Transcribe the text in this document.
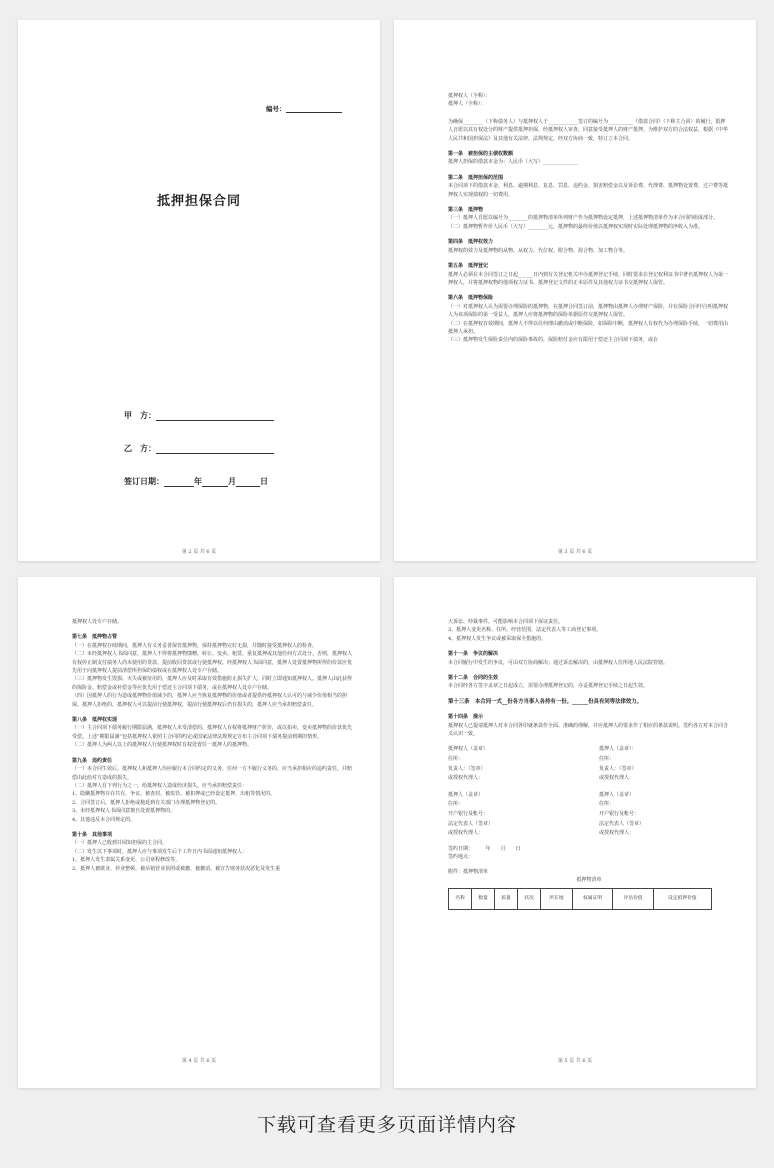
编号：
抵押担保合同
甲　方：
乙　方：
签订日期：	年	月	日
第 2 页 共 6 页

抵押权人（全称）：

抵押人（全称）：

为确保________（下称债务人）与抵押权人于____________签订的编号为__________《借款合同》（下称主合同）的履行，抵押人自愿以其有权处分的财产提供抵押担保，经抵押权人审查，同意接受抵押人的财产抵押。为维护双方的合法权益，根据《中华人民共和国担保法》及其他有关法律、法规规定，经双方协商一致，特订立本合同。

第一条　被担保的主债权数额

抵押人担保的借款本金为：人民币（大写）______________

第二条　抵押担保的范围

本合同项下的借款本金、利息、逾期利息、复息、罚息、违约金、损害赔偿金以及诉讼费、代理费、抵押物处置费、过户费等抵押权人实现债权的一切费用。

第三条　抵押物

（一）抵押人自愿以编号为________的抵押物清单所列财产作为抵押物设定抵押，上述抵押物清单作为本合同的组成部分。

（二）抵押物暂作价人民币（大写）________元，抵押物的最终价值以抵押权实现时实际处理抵押物的净收入为准。

第四条　抵押权效力

抵押权的效力及抵押物的从物、从权力、代位权、附合物、混合物、加工物合等。

第五条　抵押登记

抵押人必须在本合同签订之日起______日内到有关登记机关申办抵押登记手续，同时要求在登记权利证书中著名抵押权人为第一押权人，并将抵押权物的他项权力证书、抵押登记文件的正本原件及其他权力证书交抵押权人保管。

第六条　抵押物保险

（一）对抵押权人认为需要办理保险的抵押物，在抵押合同签订前，抵押物由抵押人办理财产保险，并在保险合同中注明抵押权人为该项保险的第一受益人，抵押人应将抵押物的保险单据原件交抵押权人保管。

（二）在抵押权有效期间，抵押人不得以任何理由撤消或中断保险，如保险中断，抵押权人有权代为办理保险手续，一切费用由抵押人承担。

（三）抵押物发生保险责任内的保险事故的，保险赔付金应有限用于偿还主合同项下债务，或在

第 3 页 共 6 页

抵押权人处专户存储。

第七条　抵押物占管

（一）在抵押权存续期间，抵押人有义务妥善保管抵押物，保持抵押物完好无损，并随时接受抵押权人的检查。

（二）未经抵押权人书面同意，抵押人不得将抵押物馈赠、转让、变卖、租赁、重复抵押或其他任何方式处分。否则，抵押权人有权停止制支付债务人尚未使用的贷款、提前收回贷款或行使抵押权。经抵押权人书面同意，抵押人处置抵押物所得的价款应优先用于向抵押权人提前清偿所担保的债权或在抵押权人处专户存储。

（三）抵押物发生毁损、灭失或被征用的，抵押人应及时采取有效措施防止损失扩大，同时立即通知抵押权人。抵押人由此获得的保险金、赔偿金或补偿金等应优先用于偿还主合同项下债务，或在抵押权人处专户存储。

（四）因抵押人的行为造成抵押物价值减少的，抵押人应当恢复抵押物的价值或者提供经抵押权人认可的与减少价值相当的担保。抵押人拒绝的，抵押权人可以提前行使抵押权，提前行使抵押权后仍有损失的，抵押人应当承担赔偿责任。

第八条　抵押权实现

（一）主合同项下债务履行期限届满，抵押权人未受清偿的，抵押权人有权将抵押财产折价，或以拍卖、变卖抵押物的价款优先受偿。上述“期限届满”包括抵押权人依照主合同的约定或国家法律法规规定宣布主合同项下债务提前到期的情形。

（二）抵押人为两人以上的抵押权人行使抵押权时有权处置任一抵押人的抵押物。

第九条　违约责任

（一）本合同生效后，抵押权人和抵押人均应履行本合同约定的义务，任何一方不履行义务的，应当承担相应的违约责任，并赔偿由此给对方造成的损失。

（二）抵押人有下列行为之一，给抵押权人造成经济损失，应当承担赔偿责任：

1、隐瞒抵押物存在共有、争议、被查封、被监管、被扣押或已经设定抵押、出租等情况的。

2、合同签订后，抵押人拒绝或拖延到有关部门办理抵押物登记的。

3、未经抵押权人书面同意擅自处置抵押物的。

4、其他违反本合同规定的。

第十条　其他事项

（一）抵押人已收到并阅知担保的主合同。

（二）发生以下事项时，抵押人应与事项发生后个工作日内书面通知抵押权人：

1、抵押人发生隶属关系变更、公司章程修改等。

2、抵押人被歇业、停业整顿、被吊销营业执照或被撤、被撤消、被宣告财务状况恶化及发生重

第 4 页 共 6 页

大诉讼、仲裁事件，可能影响本合同项下保证责任。

3、抵押人变更名称、住所、经营范围、法定代表人等工商登记事项。

4、抵押权人发生争议或被采取保全措施的。

第十一条　争议的解决

本合同履行中发生的争议，可由双方协商解决；通过诉讼解决的，由抵押权人住所地人民法院管辖。

第十二条　合同的生效

本合同经各方签字盖章之日起成立，需要办理抵押登记的，办妥抵押登记手续之日起生效。

第十三条　本合同一式__份各方当事人各持有一份。______份具有同等法律效力。

第十四条　提示

抵押权人已提请抵押人对本合同各印就条款作全面、准确的理解，并应抵押人的要求作了相应的条款说明。签约各方对本合同含义认识一致。

抵押权人（盖章）

住所：

负责人：（签章）

或授权代理人：

抵押人（盖章）：

住所：

负责人：（签章）

或授权代理人：

抵押人（盖章）

住所：

开户银行及帐号：

法定代表人（签章）

或授权代理人：

抵押人（盖章）

住所：

开户银行及帐号：

法定代表人（签章）

或授权代理人：

签约日期：　　　年　　月　　日

签约地点：

附件：抵押物清单

抵押物清单

名称	数量	质量	状况	所在地	权属证明	评估价值	设定抵押价值
第 5 页 共 6 页
下载可查看更多页面详情内容
